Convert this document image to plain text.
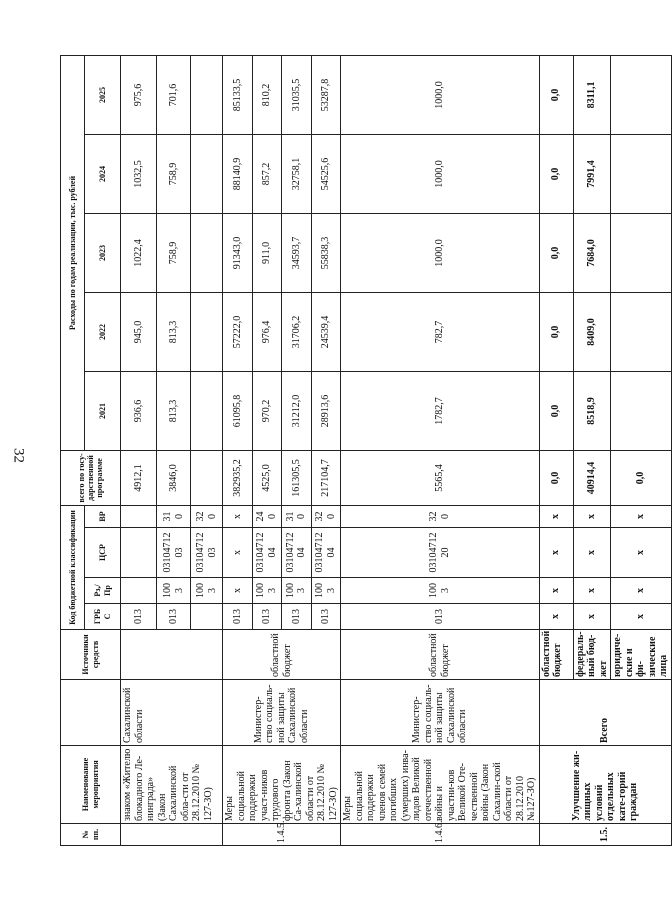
32
№ пп.	Наименование мероприятия		Источники средств	Код бюджетной классификации				всего по госу-дарственной программе	Расходы по годам реализации, тыс. рублей				
				ГРБ С	Рз,/ Пр	ЦСР	ВР		2021	2022	2023	2024	2025
	знаком «Жителю блокадного Ле-нинграда» (Закон Сахалинской обла-сти от 28.12.2010 № 127-ЗО)	Сахалинской области		013				4912,1	936,6	945,0	1022,4	1032,5	975,6
				013	100 3	03104712 03	31 0	3846,0	813,3	813,3	758,9	758,9	701,6
					100 3	03104712 03	32 0						
1.4.5.	Меры социальной поддержки участ-ников трудового фронта (Закон Са-халинской области от 28.12.2010 № 127-ЗО)	Министер-ство социаль-ной защиты Сахалинской области	областной бюджет	013	x	x	x	382935,2	61095,8	57222,0	91343,0	88140,9	85133,5
				013	100 3	03104712 04	24 0	4525,0	970,2	976,4	911,0	857,2	810,2
				013	100 3	03104712 04	31 0	161305,5	31212,0	31706,2	34593,7	32758,1	31035,5
				013	100 3	03104712 04	32 0	217104,7	28913,6	24539,4	55838,3	54525,6	53287,8
1.4.6.	Меры социальной поддержки членов семей погибших (умерших) инва-лидов Великой отечественной войны и участни-ков Великой Оте-чественной войны (Закон Сахалин-ской области от 28.12.2010 №127-ЗО)	Министер-ство социаль-ной защиты Сахалинской области	областной бюджет	013	100 3	03104712 20	32 0	5565,4	1782,7	782,7	1000,0	1000,0	1000,0
1.5.	Улучшение жи-лищных условий отдельных кате-горий граждан	Всего	областной бюджет	x	x	x	x	0,0	0,0	0,0	0,0	0,0	0,0
			федераль-ный бюд-жет	x	x	x	x	40914,4	8518,9	8409,0	7684,0	7991,4	8311,1
			юридиче-ские и фи-зические лица	x	x	x	x	0,0					
